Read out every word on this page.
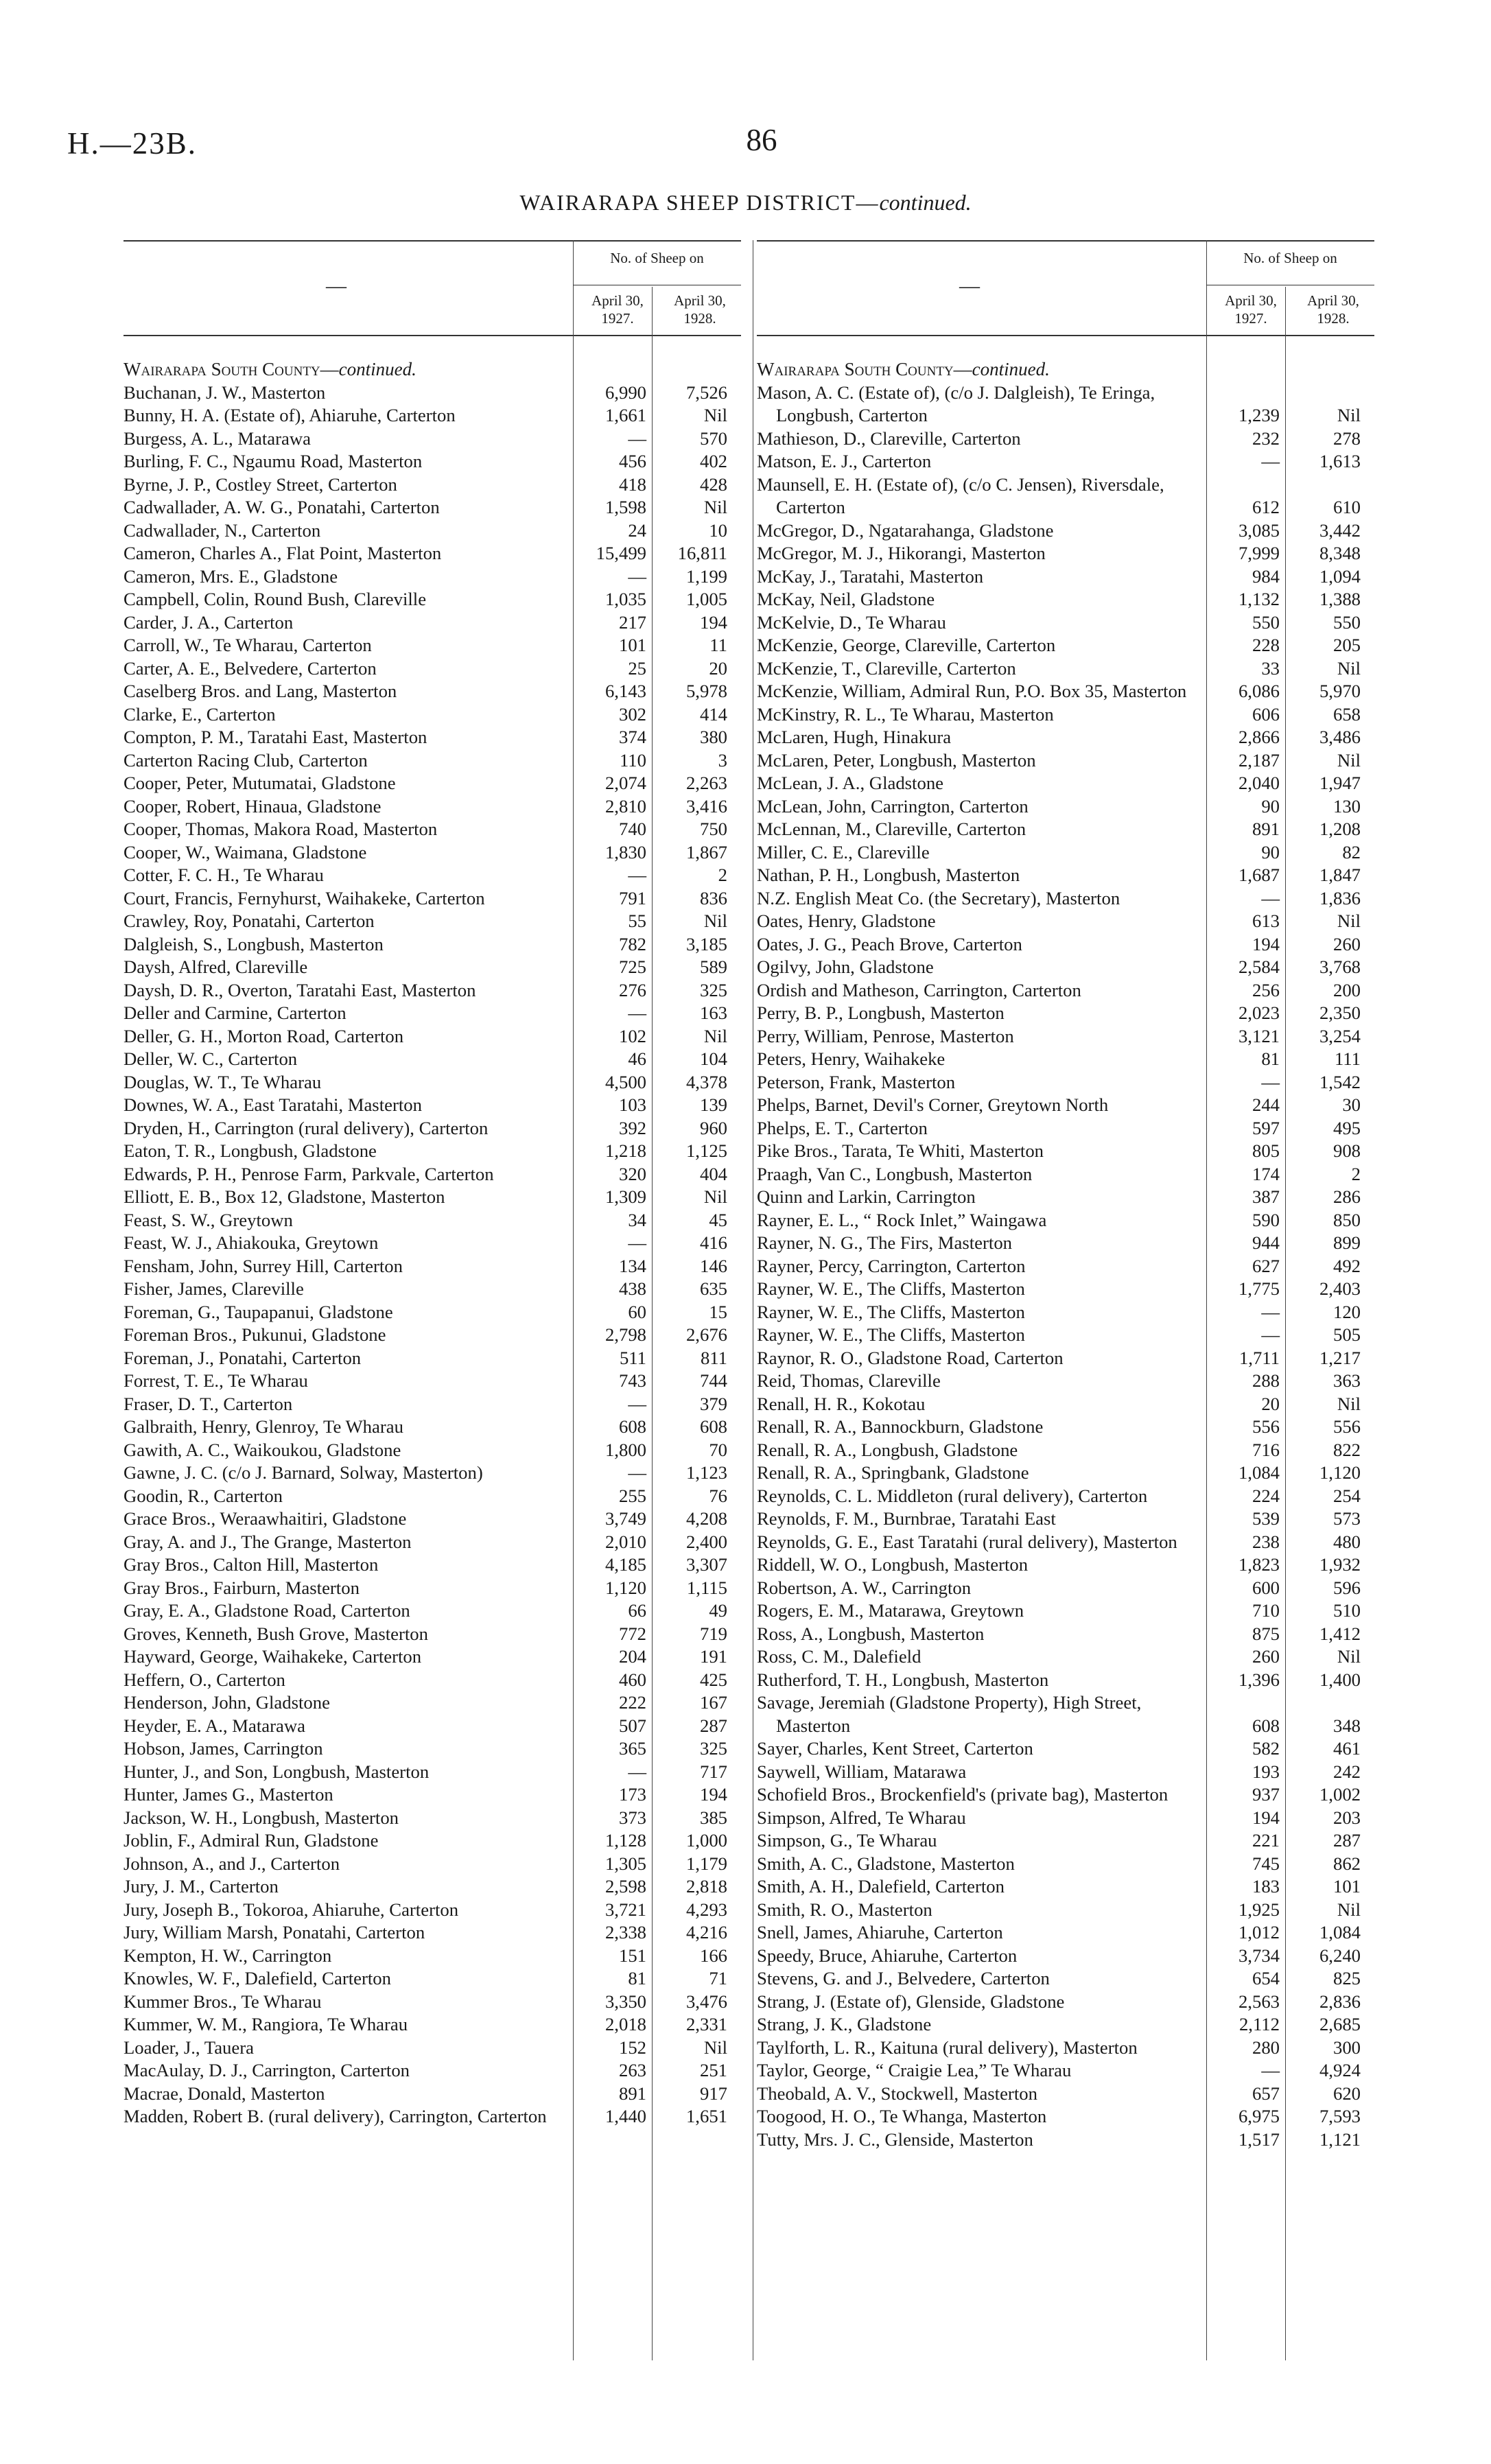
H.—23B.	86
WAIRARAPA SHEEP DISTRICT—continued.
—
No. of Sheep on
April 30,
1927.
April 30,
1928.
Wairarapa South County—continued.
Buchanan, J. W., Masterton	6,990	7,526
Bunny, H. A. (Estate of), Ahiaruhe, Carterton	1,661	Nil
Burgess, A. L., Matarawa	—	570
Burling, F. C., Ngaumu Road, Masterton	456	402
Byrne, J. P., Costley Street, Carterton	418	428
Cadwallader, A. W. G., Ponatahi, Carterton	1,598	Nil
Cadwallader, N., Carterton	24	10
Cameron, Charles A., Flat Point, Masterton	15,499	16,811
Cameron, Mrs. E., Gladstone	—	1,199
Campbell, Colin, Round Bush, Clareville	1,035	1,005
Carder, J. A., Carterton	217	194
Carroll, W., Te Wharau, Carterton	101	11
Carter, A. E., Belvedere, Carterton	25	20
Caselberg Bros. and Lang, Masterton	6,143	5,978
Clarke, E., Carterton	302	414
Compton, P. M., Taratahi East, Masterton	374	380
Carterton Racing Club, Carterton	110	3
Cooper, Peter, Mutumatai, Gladstone	2,074	2,263
Cooper, Robert, Hinaua, Gladstone	2,810	3,416
Cooper, Thomas, Makora Road, Masterton	740	750
Cooper, W., Waimana, Gladstone	1,830	1,867
Cotter, F. C. H., Te Wharau	—	2
Court, Francis, Fernyhurst, Waihakeke, Carterton	791	836
Crawley, Roy, Ponatahi, Carterton	55	Nil
Dalgleish, S., Longbush, Masterton	782	3,185
Daysh, Alfred, Clareville	725	589
Daysh, D. R., Overton, Taratahi East, Masterton	276	325
Deller and Carmine, Carterton	—	163
Deller, G. H., Morton Road, Carterton	102	Nil
Deller, W. C., Carterton	46	104
Douglas, W. T., Te Wharau	4,500	4,378
Downes, W. A., East Taratahi, Masterton	103	139
Dryden, H., Carrington (rural delivery), Carterton	392	960
Eaton, T. R., Longbush, Gladstone	1,218	1,125
Edwards, P. H., Penrose Farm, Parkvale, Carterton	320	404
Elliott, E. B., Box 12, Gladstone, Masterton	1,309	Nil
Feast, S. W., Greytown	34	45
Feast, W. J., Ahiakouka, Greytown	—	416
Fensham, John, Surrey Hill, Carterton	134	146
Fisher, James, Clareville	438	635
Foreman, G., Taupapanui, Gladstone	60	15
Foreman Bros., Pukunui, Gladstone	2,798	2,676
Foreman, J., Ponatahi, Carterton	511	811
Forrest, T. E., Te Wharau	743	744
Fraser, D. T., Carterton	—	379
Galbraith, Henry, Glenroy, Te Wharau	608	608
Gawith, A. C., Waikoukou, Gladstone	1,800	70
Gawne, J. C. (c/o J. Barnard, Solway, Masterton)	—	1,123
Goodin, R., Carterton	255	76
Grace Bros., Weraawhaitiri, Gladstone	3,749	4,208
Gray, A. and J., The Grange, Masterton	2,010	2,400
Gray Bros., Calton Hill, Masterton	4,185	3,307
Gray Bros., Fairburn, Masterton	1,120	1,115
Gray, E. A., Gladstone Road, Carterton	66	49
Groves, Kenneth, Bush Grove, Masterton	772	719
Hayward, George, Waihakeke, Carterton	204	191
Heffern, O., Carterton	460	425
Henderson, John, Gladstone	222	167
Heyder, E. A., Matarawa	507	287
Hobson, James, Carrington	365	325
Hunter, J., and Son, Longbush, Masterton	—	717
Hunter, James G., Masterton	173	194
Jackson, W. H., Longbush, Masterton	373	385
Joblin, F., Admiral Run, Gladstone	1,128	1,000
Johnson, A., and J., Carterton	1,305	1,179
Jury, J. M., Carterton	2,598	2,818
Jury, Joseph B., Tokoroa, Ahiaruhe, Carterton	3,721	4,293
Jury, William Marsh, Ponatahi, Carterton	2,338	4,216
Kempton, H. W., Carrington	151	166
Knowles, W. F., Dalefield, Carterton	81	71
Kummer Bros., Te Wharau	3,350	3,476
Kummer, W. M., Rangiora, Te Wharau	2,018	2,331
Loader, J., Tauera	152	Nil
MacAulay, D. J., Carrington, Carterton	263	251
Macrae, Donald, Masterton	891	917
Madden, Robert B. (rural delivery), Carrington, Carterton	1,440	1,651
—
No. of Sheep on
April 30,
1927.
April 30,
1928.
Wairarapa South County—continued.
Mason, A. C. (Estate of), (c/o J. Dalgleish), Te Eringa, Longbush, Carterton	1,239	Nil
Mathieson, D., Clareville, Carterton	232	278
Matson, E. J., Carterton	—	1,613
Maunsell, E. H. (Estate of), (c/o C. Jensen), Riversdale, Carterton	612	610
McGregor, D., Ngatarahanga, Gladstone	3,085	3,442
McGregor, M. J., Hikorangi, Masterton	7,999	8,348
McKay, J., Taratahi, Masterton	984	1,094
McKay, Neil, Gladstone	1,132	1,388
McKelvie, D., Te Wharau	550	550
McKenzie, George, Clareville, Carterton	228	205
McKenzie, T., Clareville, Carterton	33	Nil
McKenzie, William, Admiral Run, P.O. Box 35, Masterton	6,086	5,970
McKinstry, R. L., Te Wharau, Masterton	606	658
McLaren, Hugh, Hinakura	2,866	3,486
McLaren, Peter, Longbush, Masterton	2,187	Nil
McLean, J. A., Gladstone	2,040	1,947
McLean, John, Carrington, Carterton	90	130
McLennan, M., Clareville, Carterton	891	1,208
Miller, C. E., Clareville	90	82
Nathan, P. H., Longbush, Masterton	1,687	1,847
N.Z. English Meat Co. (the Secretary), Masterton	—	1,836
Oates, Henry, Gladstone	613	Nil
Oates, J. G., Peach Brove, Carterton	194	260
Ogilvy, John, Gladstone	2,584	3,768
Ordish and Matheson, Carrington, Carterton	256	200
Perry, B. P., Longbush, Masterton	2,023	2,350
Perry, William, Penrose, Masterton	3,121	3,254
Peters, Henry, Waihakeke	81	111
Peterson, Frank, Masterton	—	1,542
Phelps, Barnet, Devil's Corner, Greytown North	244	30
Phelps, E. T., Carterton	597	495
Pike Bros., Tarata, Te Whiti, Masterton	805	908
Praagh, Van C., Longbush, Masterton	174	2
Quinn and Larkin, Carrington	387	286
Rayner, E. L., “ Rock Inlet,” Waingawa	590	850
Rayner, N. G., The Firs, Masterton	944	899
Rayner, Percy, Carrington, Carterton	627	492
Rayner, W. E., The Cliffs, Masterton	1,775	2,403
Rayner, W. E., The Cliffs, Masterton	—	120
Rayner, W. E., The Cliffs, Masterton	—	505
Raynor, R. O., Gladstone Road, Carterton	1,711	1,217
Reid, Thomas, Clareville	288	363
Renall, H. R., Kokotau	20	Nil
Renall, R. A., Bannockburn, Gladstone	556	556
Renall, R. A., Longbush, Gladstone	716	822
Renall, R. A., Springbank, Gladstone	1,084	1,120
Reynolds, C. L. Middleton (rural delivery), Carterton	224	254
Reynolds, F. M., Burnbrae, Taratahi East	539	573
Reynolds, G. E., East Taratahi (rural delivery), Masterton	238	480
Riddell, W. O., Longbush, Masterton	1,823	1,932
Robertson, A. W., Carrington	600	596
Rogers, E. M., Matarawa, Greytown	710	510
Ross, A., Longbush, Masterton	875	1,412
Ross, C. M., Dalefield	260	Nil
Rutherford, T. H., Longbush, Masterton	1,396	1,400
Savage, Jeremiah (Gladstone Property), High Street, Masterton	608	348
Sayer, Charles, Kent Street, Carterton	582	461
Saywell, William, Matarawa	193	242
Schofield Bros., Brockenfield's (private bag), Masterton	937	1,002
Simpson, Alfred, Te Wharau	194	203
Simpson, G., Te Wharau	221	287
Smith, A. C., Gladstone, Masterton	745	862
Smith, A. H., Dalefield, Carterton	183	101
Smith, R. O., Masterton	1,925	Nil
Snell, James, Ahiaruhe, Carterton	1,012	1,084
Speedy, Bruce, Ahiaruhe, Carterton	3,734	6,240
Stevens, G. and J., Belvedere, Carterton	654	825
Strang, J. (Estate of), Glenside, Gladstone	2,563	2,836
Strang, J. K., Gladstone	2,112	2,685
Taylforth, L. R., Kaituna (rural delivery), Masterton	280	300
Taylor, George, “ Craigie Lea,” Te Wharau	—	4,924
Theobald, A. V., Stockwell, Masterton	657	620
Toogood, H. O., Te Whanga, Masterton	6,975	7,593
Tutty, Mrs. J. C., Glenside, Masterton	1,517	1,121
